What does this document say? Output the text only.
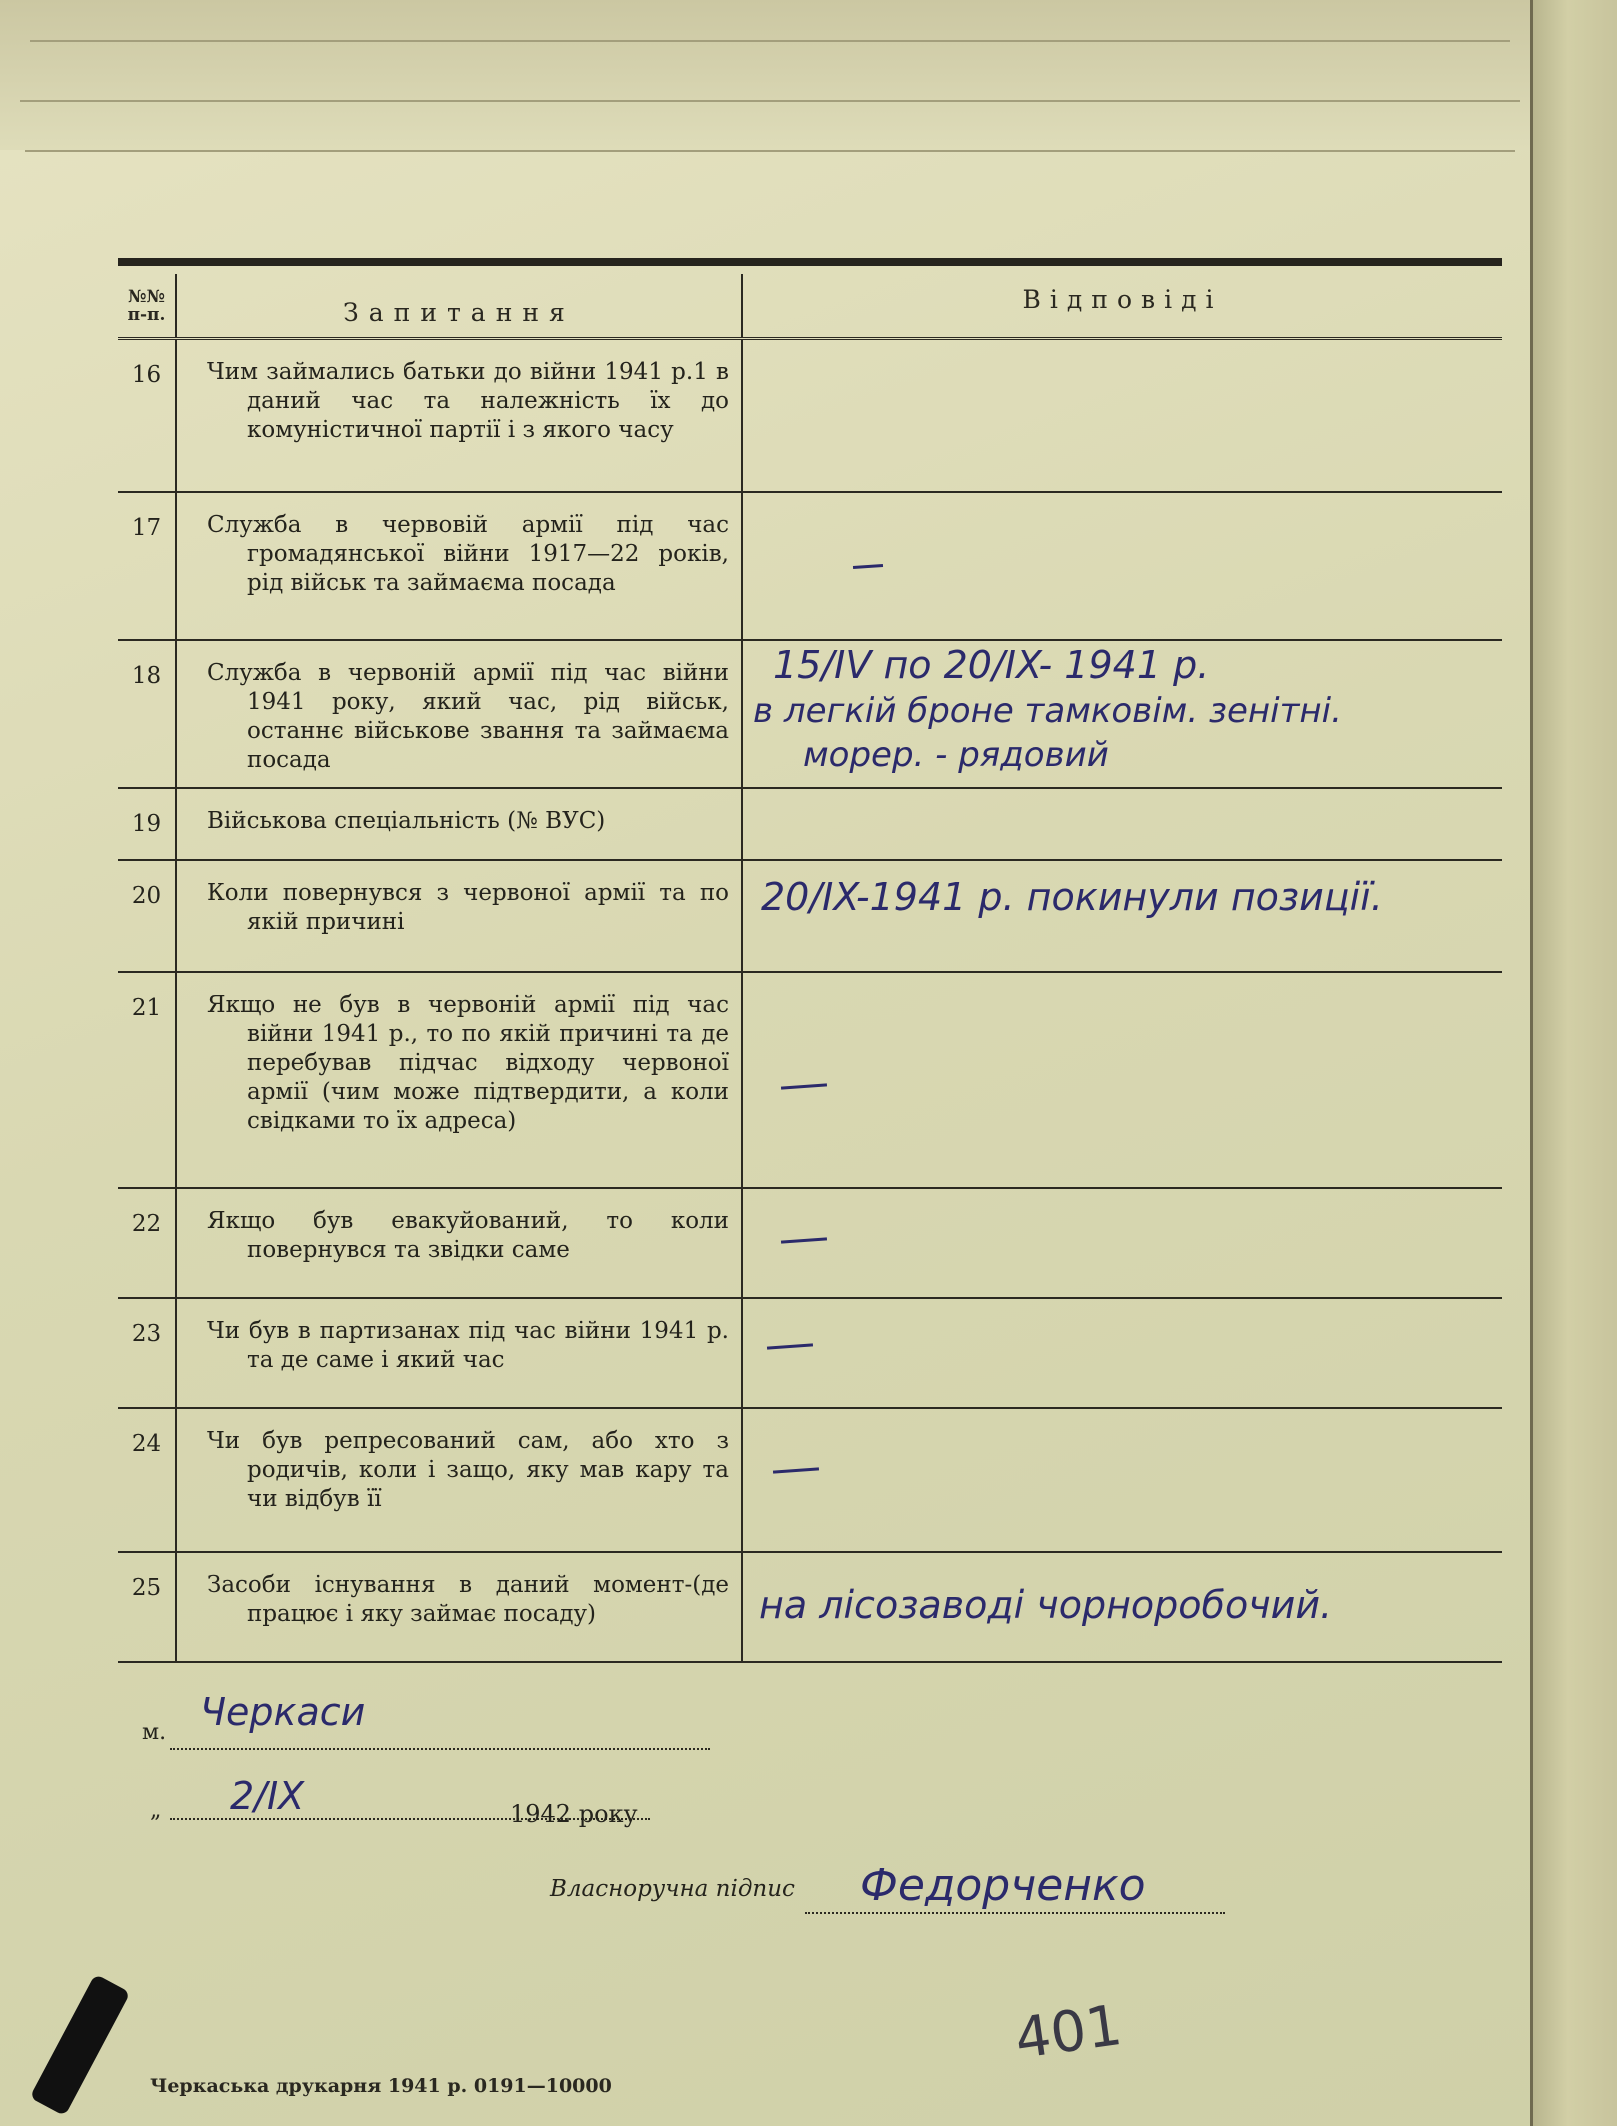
№№
п-п.	Запитання	Відповіді
16	Чим займались батьки до війни 1941 р.1 в даний час та належність їх до комуністичної партії і з якого часу	

17	Служба в червовій армії під час громадянської війни 1917—22 років, рід військ та займаєма посада	

18	Служба в червоній армії під час війни 1941 року, який час, рід військ, останнє військове звання та займаєма посада	15/IV по 20/IX- 1941 р.
в легкій броне тамковім. зенітні.
морер. - рядовий

19	Військова спеціальність (№ ВУС)	

20	Коли повернувся з червоної армії та по якій причині	20/IX-1941 р. покинули позиції.

21	Якщо не був в червоній армії під час війни 1941 р., то по якій причині та де перебував підчас відходу червоної армії (чим може підтвердити, а коли свідками то їх адреса)	

22	Якщо був евакуйований, то коли повернувся та звідки саме	

23	Чи був в партизанах під час війни 1941 р. та де саме і який час	

24	Чи був репресований сам, або хто з родичів, коли і защо, яку мав кару та чи відбув її	

25	Засоби існування в даний момент-(де працює і яку займає посаду)	на лісозаводі чорноробочий.
м. Черкаси
„ 2/IX	1942 року
Власноручна підпис Федорченко
Черкаська друкарня 1941 р. 0191—10000
401
